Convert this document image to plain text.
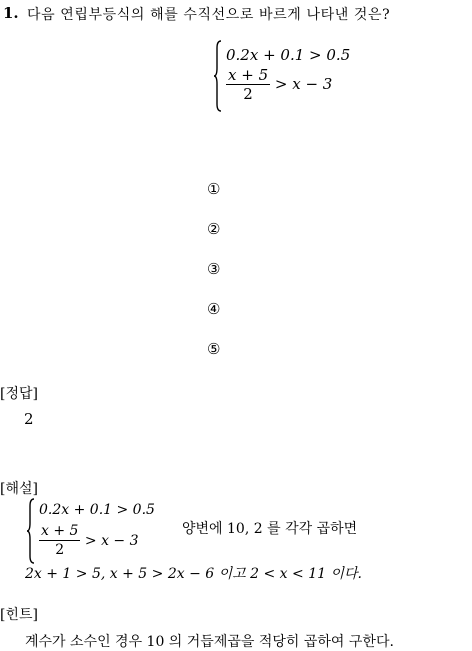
1. 다음 연립부등식의 해를 수직선으로 바르게 나타낸 것은?
0.2x + 0.1 > 0.5
$\frac{x + 5}{2} > x - 3$
①
②
③
④
⑤
[정답]
2
[해설]
0.2x + 0.1 > 0.5
$\frac{x + 5}{2} > x - 3$
양변에 10, 2 를 각각 곱하면
2x + 1 > 5, x + 5 > 2x − 6 이고 2 < x < 11 이다.
[힌트]
계수가 소수인 경우 10 의 거듭제곱을 적당히 곱하여 구한다.
